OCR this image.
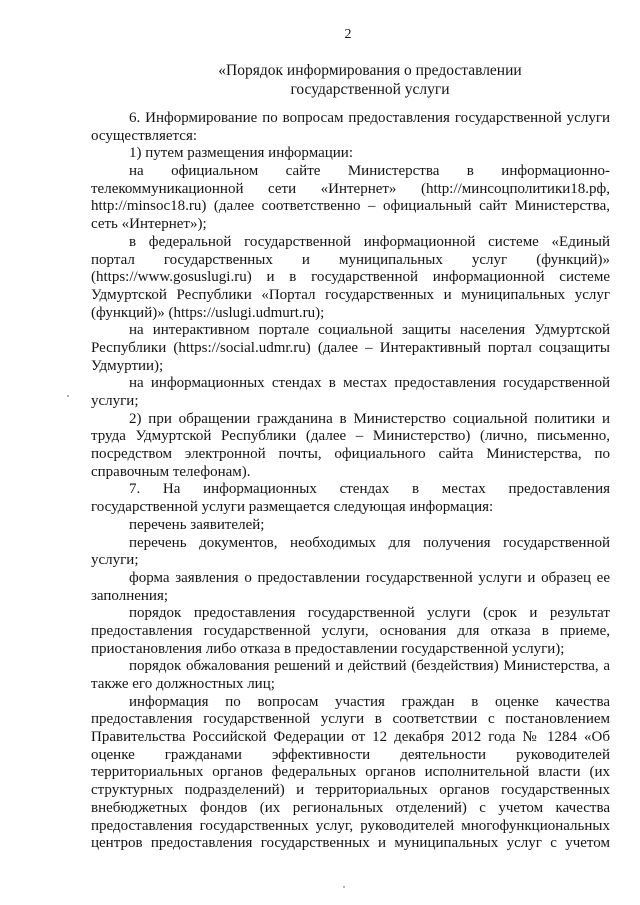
2
«Порядок информирования о предоставлении
государственной услуги
6. Информирование по вопросам предоставления государственной услуги
осуществляется:
1) путем размещения информации:
на официальном сайте Министерства в информационно-
телекоммуникационной сети «Интернет» (http://минсоцполитики18.рф,
http://minsoc18.ru) (далее соответственно – официальный сайт Министерства,
сеть «Интернет»);
в федеральной государственной информационной системе «Единый
портал государственных и муниципальных услуг (функций)»
(https://www.gosuslugi.ru) и в государственной информационной системе
Удмуртской Республики «Портал государственных и муниципальных услуг
(функций)» (https://uslugi.udmurt.ru);
на интерактивном портале социальной защиты населения Удмуртской
Республики (https://social.udmr.ru) (далее – Интерактивный портал соцзащиты
Удмуртии);
на информационных стендах в местах предоставления государственной
услуги;
2) при обращении гражданина в Министерство социальной политики и
труда Удмуртской Республики (далее – Министерство) (лично, письменно,
посредством электронной почты, официального сайта Министерства, по
справочным телефонам).
7. На информационных стендах в местах предоставления
государственной услуги размещается следующая информация:
перечень заявителей;
перечень документов, необходимых для получения государственной
услуги;
форма заявления о предоставлении государственной услуги и образец ее
заполнения;
порядок предоставления государственной услуги (срок и результат
предоставления государственной услуги, основания для отказа в приеме,
приостановления либо отказа в предоставлении государственной услуги);
порядок обжалования решений и действий (бездействия) Министерства, а
также его должностных лиц;
информация по вопросам участия граждан в оценке качества
предоставления государственной услуги в соответствии с постановлением
Правительства Российской Федерации от 12 декабря 2012 года № 1284 «Об
оценке гражданами эффективности деятельности руководителей
территориальных органов федеральных органов исполнительной власти (их
структурных подразделений) и территориальных органов государственных
внебюджетных фондов (их региональных отделений) с учетом качества
предоставления государственных услуг, руководителей многофункциональных
центров предоставления государственных и муниципальных услуг с учетом
